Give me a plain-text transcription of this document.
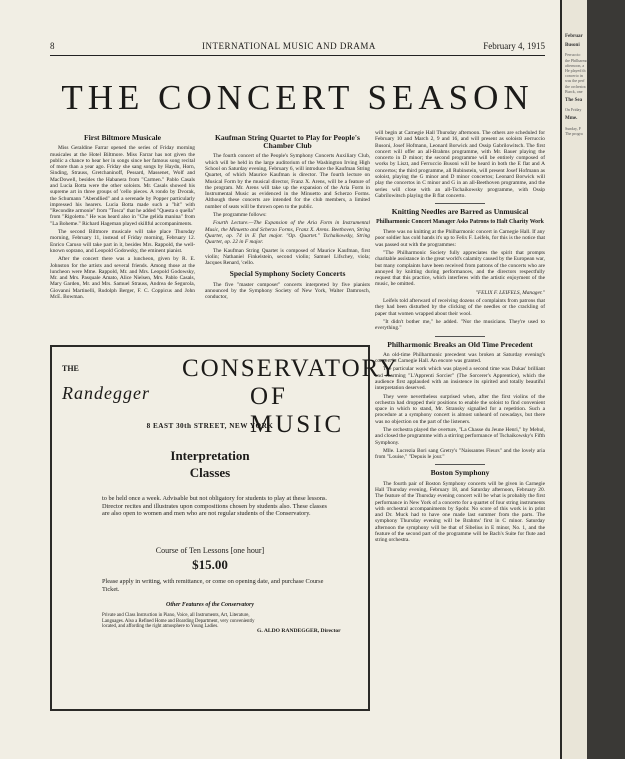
8	INTERNATIONAL MUSIC AND DRAMA	February 4, 1915
THE CONCERT SEASON
First Biltmore Musicale

Miss Geraldine Farrar opened the series of Friday morning musicales at the Hotel Biltmore. Miss Farrar has not given the public a chance to hear her in songs since her famous song recital of more than a year ago. Friday she sang songs by Haydn, Horn, Sinding, Strauss, Gretchaninoff, Pessard, Massenet, Wolf and MacDowell, besides the Habanera from "Carmen." Pablo Casals and Lucia Botta were the other soloists. Mr. Casals showed his supreme art in three groups of 'cello pieces. A rondo by Dvorak, the Schumann "Abendlied" and a serenade by Popper particularly impressed his hearers. Lucia Botta made such a "hit" with "Recondite armonie" from "Tosca" that he added "Questa o quella" from "Rigoletto." He was heard also in "Che gelida manina" from "La Boheme." Richard Hageman played skillful accompaniments.

The second Biltmore musicale will take place Thursday morning, February 11, instead of Friday morning, February 12. Enrico Caruso will take part in it, besides Mrs. Rappold, the well-known soprano, and Leopold Godowsky, the eminent pianist.

After the concert there was a luncheon, given by R. E. Johnston for the artists and several friends. Among those at the luncheon were Mme. Rappold, Mr. and Mrs. Leopold Godowsky, Mr. and Mrs. Pasquale Amato, Alice Nielsen, Mrs. Pablo Casals, Mary Garden, Mr. and Mrs. Samuel Strauss, Andrea de Segurola, Giovanni Martinelli, Rudolph Berger, F. C. Coppicus and John McE. Bowman.

Kaufman String Quartet to Play for People's Chamber Club

The fourth concert of the People's Symphony Concerts Auxiliary Club, which will be held in the large auditorium of the Washington Irving High School on Saturday evening, February 6, will introduce the Kaufman String Quartet, of which Maurice Kaufman is director. The fourth lecture on Musical Form by the musical director, Franz X. Arens, will be a feature of the program. Mr. Arens will take up the expansion of the Aria Form in Instrumental Music as evidenced in the Minuetto and Scherzo Forms. Although these concerts are intended for the club members, a limited number of seats will be thrown open to the public.

The programme follows:

Fourth Lecture.—The Expansion of the Aria Form in Instrumental Music, the Minuetto and Scherzo Forms, Franz X. Arens. Beethoven, String Quartet, op. 74 in E flat major. "Op. Quartet." Tschaikowsky, String Quartet, op. 22 in F major.

The Kaufman String Quartet is composed of Maurice Kaufman, first violin; Nathaniel Finkelstein, second violin; Samuel Lifschey, viola; Jacques Renard, 'cello.

Special Symphony Society Concerts

The five "master composer" concerts interpreted by five pianists announced by the Symphony Society of New York, Walter Damrosch, conductor,

will begin at Carnegie Hall Thursday afternoon. The others are scheduled for February 10 and March 2, 9 and 16, and will present as soloists Ferruccio Busoni, Josef Hofmann, Leonard Borwick and Ossip Gabrilowitsch. The first concert will offer an all-Brahms programme, with Mr. Bauer playing the concerto in D minor; the second programme will be entirely composed of works by Liszt, and Ferruccio Busoni will be heard in both the E flat and A concertos; the third programme, all Rubinstein, will present Josef Hofmann as soloist, playing the G minor and D minor concertos; Leonard Borwick will play the concertos in C minor and G in an all-Beethoven programme, and the series will close with an all-Tschaikowsky programme, with Ossip Gabrilowitsch playing the B flat concerto.

Knitting Needles are Barred as Unmusical
Philharmonic Concert Manager Asks Patrons to Halt Charity Work

There was no knitting at the Philharmonic concert in Carnegie Hall. If any poor soldier has cold hands it's up to Felix F. Leifels, for this is the notice that was passed out with the programmes:

"The Philharmonic Society fully appreciates the spirit that prompts charitable assistance in the great world's calamity caused by the European war, but many complaints have been received from patrons of the concerts who are annoyed by knitting during performances, and the directors respectfully request that this practice, which interferes with the artistic enjoyment of the music, be omitted.

"FELIX F. LEIFELS, Manager."

Leifels told afterward of receiving dozens of complaints from patrons that they had been disturbed by the clicking of the needles or the crackling of paper that women wrapped about their wool.

"It didn't bother me," he added. "Nor the musicians. They're used to everything."

Philharmonic Breaks an Old Time Precedent

An old-time Philharmonic precedent was broken at Saturday evening's concert in Carnegie Hall. An encore was granted.

The particular work which was played a second time was Dukas' brilliant and charming "L'Apprenti Sorcier" (The Sorcerer's Apprentice), which the audience first applauded with an insistence its spirited and totally beautiful interpretation deserved.

They were nevertheless surprised when, after the first violins of the orchestra had dropped their positions to enable the soloist to find convenient space in which to stand, Mr. Stransky signalled for a repetition. Such a procedure at a symphony concert is almost unheard of nowadays, but there was no objection on the part of the listeners.

The orchestra played the overture, "La Chasse du Jeune Henri," by Mehul, and closed the programme with a stirring performance of Tschaikowsky's Fifth Symphony.

Mlle. Lucrezia Bori sang Gretry's "Naissantes Fleurs" and the lovely aria from "Louise," "Depuis le jour."

Boston Symphony

The fourth pair of Boston Symphony concerts will be given in Carnegie Hall Thursday evening, February 18, and Saturday afternoon, February 20. The feature of the Thursday evening concert will be what is probably the first performance in New York of a concerto for a quartet of four string instruments with orchestral accompaniments by Spohr. No score of this work is in print and Dr. Muck had to have one made last summer from the parts. The symphony Thursday evening will be Brahms' first in C minor. Saturday afternoon the symphony will be that of Sibelius in E minor, No. 1, and the feature of the second part of the programme will be Bach's Suite for flute and string orchestra.

THE
Randegger
CONSERVATORY
OF MUSIC
8 EAST 30th STREET, NEW YORK
Interpretation
Classes
to be held once a week. Advisable but not obligatory for students to play at these lessons. Director recites and illustrates upon compositions chosen by students also. These classes are also open to women and men who are not regular students of the Conservatory.
Course of Ten Lessons [one hour]
$15.00
Please apply in writing, with remittance, or come on opening date, and purchase Course Ticket.
Other Features of the Conservatory
Private and Class Instruction in Piano, Voice, all Instruments, Art, Literature, Languages. Also a Refined Home and Boarding Department, very conveniently located, and affording the right atmosphere to Young Ladies.
G. ALDO RANDEGGER, Director
Februar
Busoni
Ferruccio
the Philharmo
afternoon, a
He played th
concerto in
was the perf
the orchestra
Burck, one
The Sea
On Friday
Mme.
Sunday, F
The progra
